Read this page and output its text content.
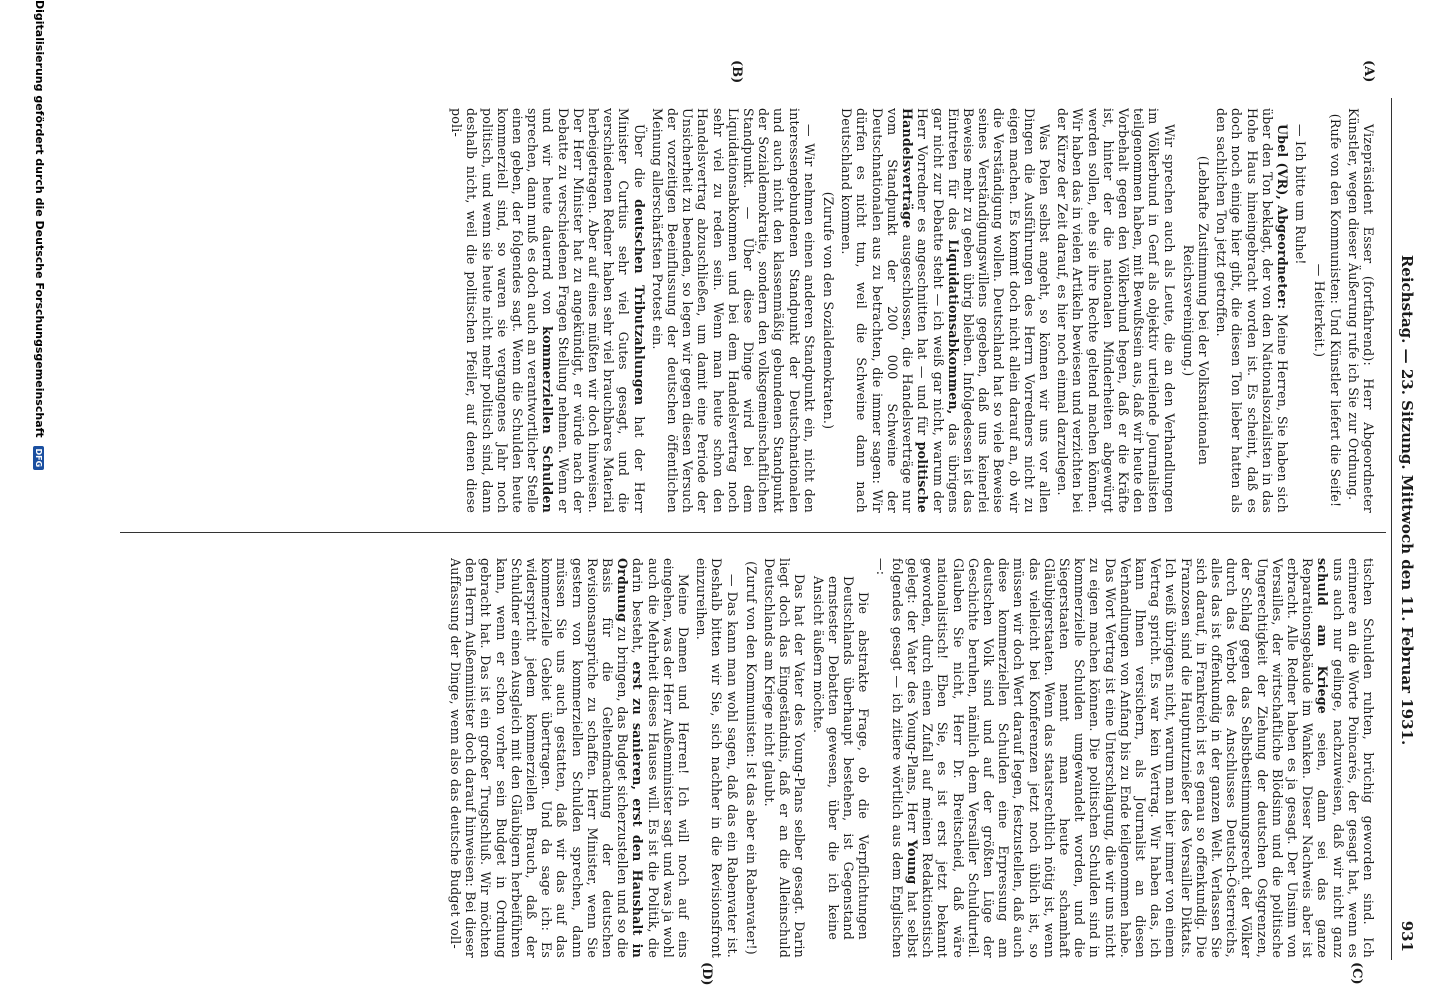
Reichstag. — 23. Sitzung. Mittwoch den 11. Februar 1931.
931
(A)
(B)
(C)
(D)

Vizepräsident Esser (fortfahrend): Herr Abgeordneter Künstler, wegen dieser Äußerung rufe ich Sie zur Ordnung.

(Rufe von den Kommunisten: Und Künstler liefert die Seife! — Heiterkeit.)

— Ich bitte um Ruhe!

Ubel (VR), Abgeordneter: Meine Herren, Sie haben sich über den Ton beklagt, der von den Nationalsozialisten in das Hohe Haus hineingebracht worden ist. Es scheint, daß es doch noch einige hier gibt, die diesen Ton lieber hatten als den sachlichen Ton jetzt getroffen.

(Lebhafte Zustimmung bei der Volksnationalen Reichsvereinigung.)

Wir sprechen auch als Leute, die an den Verhandlungen im Völkerbund in Genf als objektiv urteilende Journalisten teilgenommen haben, mit Bewußtsein aus, daß wir heute den Vorbehalt gegen den Völkerbund hegen, daß er die Kräfte ist, hinter der die nationalen Minderheiten abgewürgt werden sollen, ehe sie ihre Rechte geltend machen können. Wir haben das in vielen Artikeln bewiesen und verzichten bei der Kürze der Zeit darauf, es hier noch einmal darzulegen.

Was Polen selbst angeht, so können wir uns vor allen Dingen die Ausführungen des Herrn Vorredners nicht zu eigen machen. Es kommt doch nicht allein darauf an, ob wir die Verständigung wollen. Deutschland hat so viele Beweise seines Verständigungswillens gegeben, daß uns keinerlei Beweise mehr zu geben übrig bleiben. Infolgedessen ist das Eintreten für das Liquidationsabkommen, das übrigens gar nicht zur Debatte steht — ich weiß gar nicht, warum der Herr Vorredner es angeschnitten hat — und für politische Handelsverträge ausgeschlossen, die Handelsverträge nur vom Standpunkt der 200 000 Schweine der Deutschnationalen aus zu betrachten, die immer sagen: Wir dürfen es nicht tun, weil die Schweine dann nach Deutschland kommen.

(Zurufe von den Sozialdemokraten.)

— Wir nehmen einen anderen Standpunkt ein, nicht den interessengebundenen Standpunkt der Deutschnationalen und auch nicht den klassenmäßig gebundenen Standpunkt der Sozialdemokratie, sondern den volksgemeinschaftlichen Standpunkt. — Über diese Dinge wird bei dem Liquidationsabkommen und bei dem Handelsvertrag noch sehr viel zu reden sein. Wenn man heute schon den Handelsvertrag abzuschließen, um damit eine Periode der Unsicherheit zu beenden, so legen wir gegen diesen Versuch der vorzeitigen Beeinflussung der deutschen öffentlichen Meinung allerschärfsten Protest ein.

Über die deutschen Tributzahlungen hat der Herr Minister Curtius sehr viel Gutes gesagt, und die verschiedenen Redner haben sehr viel brauchbares Material herbeigetragen. Aber auf eines müßten wir doch hinweisen. Der Herr Minister hat zu angekündigt, er würde nach der Debatte zu verschiedenen Fragen Stellung nehmen. Wenn er und wir heute dauernd von kommerziellen Schulden sprechen, dann muß es doch auch an verantwortlicher Stelle einen geben, der folgendes sagt. Wenn die Schulden heute kommerziell sind, so waren sie vergangenes Jahr noch politisch, und wenn sie heute nicht mehr politisch sind, dann deshalb nicht, weil die politischen Pfeiler, auf denen diese poli-

tischen Schulden ruhten, brüchig geworden sind. Ich erinnere an die Worte Poincarés, der gesagt hat, wenn es uns auch nur gelinge, nachzuweisen, daß wir nicht ganz schuld am Kriege seien, dann sei das ganze Reparationsgebäude im Wanken. Dieser Nachweis aber ist erbracht. Alle Redner haben es ja gesagt. Der Unsinn von Versailles, der wirtschaftliche Blödsinn und die politische Ungerechtigkeit der Ziehung der deutschen Ostgrenzen, der Schlag gegen das Selbstbestimmungsrecht der Völker durch das Verbot des Anschlusses Deutsch-Österreichs, alles das ist offenkundig in der ganzen Welt. Verlassen Sie sich darauf, in Frankreich ist es genau so offenkundig. Die Franzosen sind die Hauptnutznießer des Versailler Diktats. Ich weiß übrigens nicht, warum man hier immer von einem Vertrag spricht. Es war kein Vertrag. Wir haben das, ich kann Ihnen versichern, als Journalist an diesen Verhandlungen von Anfang bis zu Ende teilgenommen habe. Das Wort Vertrag ist eine Unterschlagung, die wir uns nicht zu eigen machen können. Die politischen Schulden sind in kommerzielle Schulden umgewandelt worden, und die Siegerstaaten nennt man heute schamhaft Gläubigerstaaten. Wenn das staatsrechtlich nötig ist, wenn das vielleicht bei Konferenzen jetzt noch üblich ist, so müssen wir doch Wert darauf legen, festzustellen, daß auch diese kommerziellen Schulden eine Erpressung am deutschen Volk sind und auf der größten Lüge der Geschichte beruhen, nämlich dem Versailler Schuldurteil. Glauben Sie nicht, Herr Dr. Breitscheid, daß wäre nationalistisch! Eben Sie, es ist erst jetzt bekannt geworden, durch einen Zufall auf meinen Redaktionstisch gelegt: der Vater des Young-Plans, Herr Young hat selbst folgendes gesagt — ich zitiere wörtlich aus dem Englischen —:

Die abstrakte Frage, ob die Verpflichtungen Deutschlands überhaupt bestehen, ist Gegenstand ernstester Debatten gewesen, über die ich keine Ansicht äußern möchte.

Das hat der Vater des Young-Plans selber gesagt. Darin liegt doch das Eingeständnis, daß er an die Alleinschuld Deutschlands am Kriege nicht glaubt.

(Zuruf von den Kommunisten: Ist das aber ein Rabenvater!)

— Das kann man wohl sagen, daß das ein Rabenvater ist. Deshalb bitten wir Sie, sich nachher in die Revisionsfront einzureihen.

Meine Damen und Herren! Ich will noch auf eins eingehen, was der Herr Außenminister sagt und was ja wohl auch die Mehrheit dieses Hauses will. Es ist die Politik, die darin besteht, erst zu sanieren, erst den Haushalt in Ordnung zu bringen, das Budget sicherzustellen und so die Basis für die Geltendmachung der deutschen Revisionsansprüche zu schaffen. Herr Minister, wenn Sie gestern von kommerziellen Schulden sprechen, dann müssen Sie uns auch gestatten, daß wir das auf das kommerzielle Gebiet übertragen. Und da sage ich: Es widerspricht jedem kommerziellen Brauch, daß der Schuldner einen Ausgleich mit den Gläubigern herbeiführen kann, wenn er schon vorher sein Budget in Ordnung gebracht hat. Das ist ein großer Trugschluß. Wir möchten den Herrn Außenminister doch darauf hinweisen: Bei dieser Auffassung der Dinge, wenn also das deutsche Budget voll-

Digitalisierung gefördert durch die Deutsche Forschungsgemeinschaft DFG
